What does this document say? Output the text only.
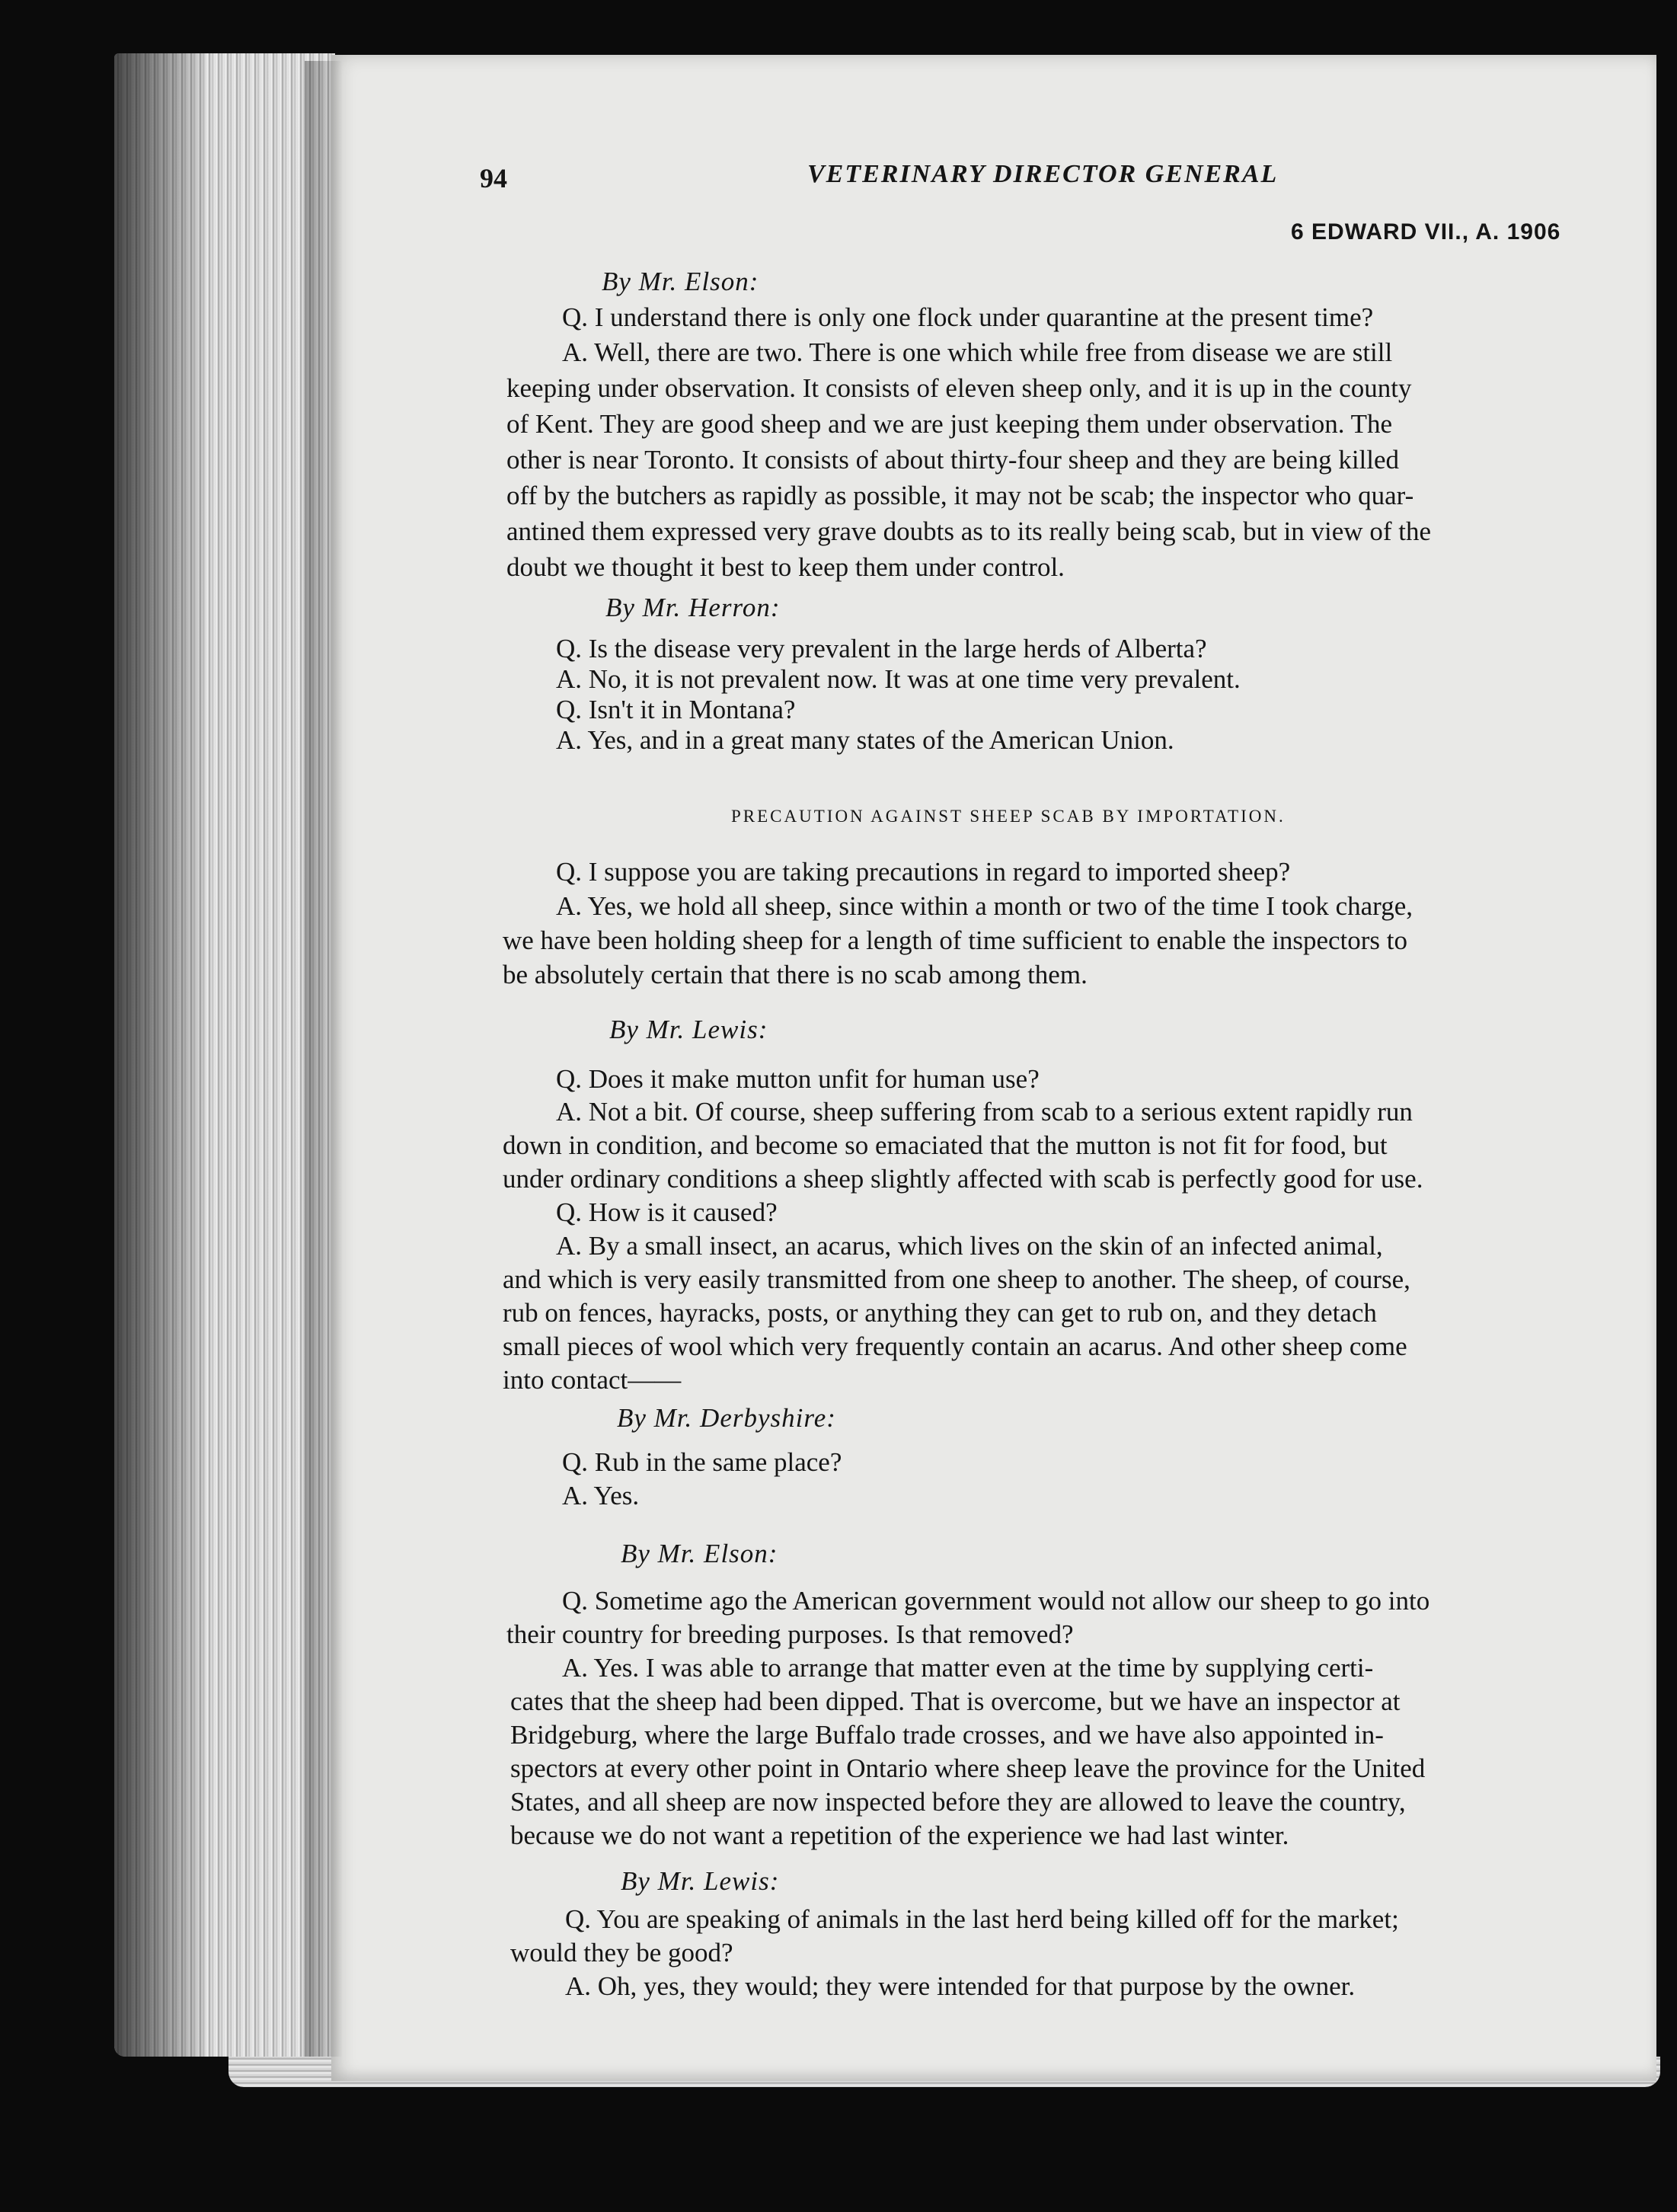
94	VETERINARY DIRECTOR GENERAL
6 EDWARD VII., A. 1906
By Mr. Elson:
Q. I understand there is only one flock under quarantine at the present time?
A. Well, there are two. There is one which while free from disease we are still
keeping under observation. It consists of eleven sheep only, and it is up in the county
of Kent. They are good sheep and we are just keeping them under observation. The
other is near Toronto. It consists of about thirty-four sheep and they are being killed
off by the butchers as rapidly as possible, it may not be scab; the inspector who quar-
antined them expressed very grave doubts as to its really being scab, but in view of the
doubt we thought it best to keep them under control.
By Mr. Herron:
Q. Is the disease very prevalent in the large herds of Alberta?
A. No, it is not prevalent now. It was at one time very prevalent.
Q. Isn't it in Montana?
A. Yes, and in a great many states of the American Union.
PRECAUTION AGAINST SHEEP SCAB BY IMPORTATION.
Q. I suppose you are taking precautions in regard to imported sheep?
A. Yes, we hold all sheep, since within a month or two of the time I took charge,
we have been holding sheep for a length of time sufficient to enable the inspectors to
be absolutely certain that there is no scab among them.
By Mr. Lewis:
Q. Does it make mutton unfit for human use?
A. Not a bit. Of course, sheep suffering from scab to a serious extent rapidly run
down in condition, and become so emaciated that the mutton is not fit for food, but
under ordinary conditions a sheep slightly affected with scab is perfectly good for use.
Q. How is it caused?
A. By a small insect, an acarus, which lives on the skin of an infected animal,
and which is very easily transmitted from one sheep to another. The sheep, of course,
rub on fences, hayracks, posts, or anything they can get to rub on, and they detach
small pieces of wool which very frequently contain an acarus. And other sheep come
into contact——
By Mr. Derbyshire:
Q. Rub in the same place?
A. Yes.
By Mr. Elson:
Q. Sometime ago the American government would not allow our sheep to go into
their country for breeding purposes. Is that removed?
A. Yes. I was able to arrange that matter even at the time by supplying certi-
cates that the sheep had been dipped. That is overcome, but we have an inspector at
Bridgeburg, where the large Buffalo trade crosses, and we have also appointed in-
spectors at every other point in Ontario where sheep leave the province for the United
States, and all sheep are now inspected before they are allowed to leave the country,
because we do not want a repetition of the experience we had last winter.
By Mr. Lewis:
Q. You are speaking of animals in the last herd being killed off for the market;
would they be good?
A. Oh, yes, they would; they were intended for that purpose by the owner.
